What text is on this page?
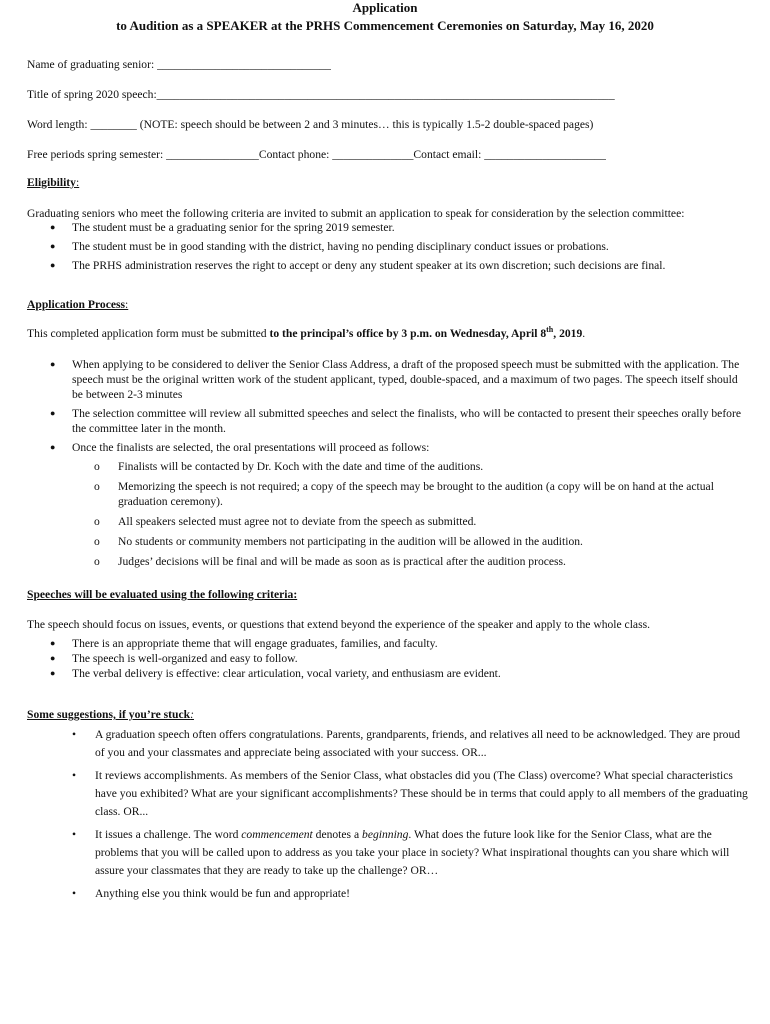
Application
to Audition as a SPEAKER at the PRHS Commencement Ceremonies on Saturday, May 16, 2020
Name of graduating senior: ______________________________
Title of spring 2020 speech:_______________________________________________________________________________
Word length: ________ (NOTE: speech should be between 2 and 3 minutes… this is typically 1.5-2 double-spaced pages)
Free periods spring semester: ________________Contact phone: ______________Contact email: _____________________
Eligibility:
Graduating seniors who meet the following criteria are invited to submit an application to speak for consideration by the selection committee:
● The student must be a graduating senior for the spring 2019 semester.
● The student must be in good standing with the district, having no pending disciplinary conduct issues or probations.
● The PRHS administration reserves the right to accept or deny any student speaker at its own discretion; such decisions are final.
Application Process:
This completed application form must be submitted to the principal’s office by 3 p.m. on Wednesday, April 8th, 2019.
● When applying to be considered to deliver the Senior Class Address, a draft of the proposed speech must be submitted with the application. The speech must be the original written work of the student applicant, typed, double-spaced, and a maximum of two pages. The speech itself should be between 2-3 minutes
● The selection committee will review all submitted speeches and select the finalists, who will be contacted to present their speeches orally before the committee later in the month.
● Once the finalists are selected, the oral presentations will proceed as follows:
o Finalists will be contacted by Dr. Koch with the date and time of the auditions.
o Memorizing the speech is not required; a copy of the speech may be brought to the audition (a copy will be on hand at the actual graduation ceremony).
o All speakers selected must agree not to deviate from the speech as submitted.
o No students or community members not participating in the audition will be allowed in the audition.
o Judges’ decisions will be final and will be made as soon as is practical after the audition process.
Speeches will be evaluated using the following criteria:
The speech should focus on issues, events, or questions that extend beyond the experience of the speaker and apply to the whole class.
● There is an appropriate theme that will engage graduates, families, and faculty.
● The speech is well-organized and easy to follow.
● The verbal delivery is effective: clear articulation, vocal variety, and enthusiasm are evident.
Some suggestions, if you’re stuck:
• A graduation speech often offers congratulations. Parents, grandparents, friends, and relatives all need to be acknowledged. They are proud of you and your classmates and appreciate being associated with your success. OR...
• It reviews accomplishments. As members of the Senior Class, what obstacles did you (The Class) overcome? What special characteristics have you exhibited? What are your significant accomplishments? These should be in terms that could apply to all members of the graduating class. OR...
• It issues a challenge. The word commencement denotes a beginning. What does the future look like for the Senior Class, what are the problems that you will be called upon to address as you take your place in society? What inspirational thoughts can you share which will assure your classmates that they are ready to take up the challenge? OR…
• Anything else you think would be fun and appropriate!
